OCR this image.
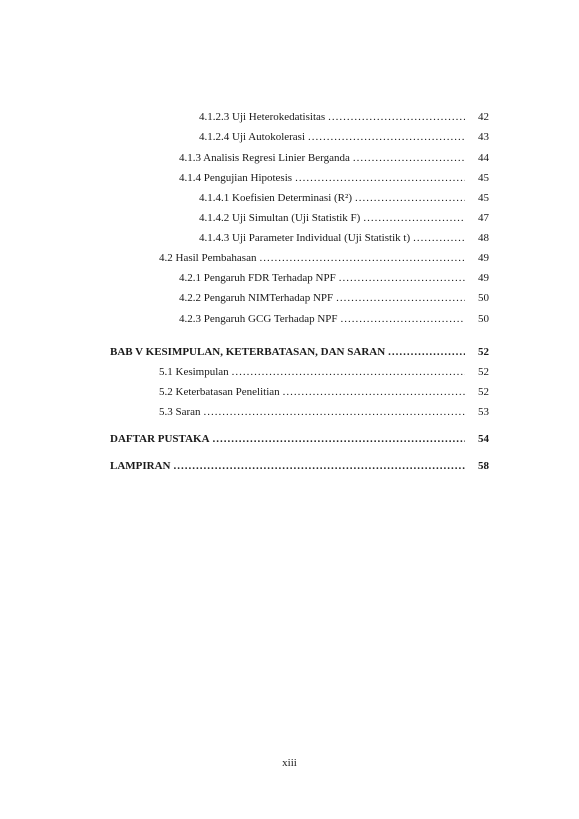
4.1.2.3 Uji Heterokedatisitas .....	42
4.1.2.4 Uji Autokolerasi .....	43
4.1.3 Analisis Regresi Linier Berganda .....	44
4.1.4 Pengujian Hipotesis .....	45
4.1.4.1 Koefisien Determinasi (R²) .....	45
4.1.4.2 Uji Simultan (Uji Statistik F) .....	47
4.1.4.3 Uji Parameter Individual (Uji Statistik t) .....	48
4.2 Hasil Pembahasan .....	49
4.2.1 Pengaruh FDR Terhadap NPF .....	49
4.2.2 Pengaruh NIMTerhadap NPF .....	50
4.2.3 Pengaruh GCG Terhadap NPF .....	50
BAB V KESIMPULAN, KETERBATASAN, DAN SARAN .....	52
5.1 Kesimpulan .....	52
5.2 Keterbatasan Penelitian .....	52
5.3 Saran .....	53
DAFTAR PUSTAKA .....	54
LAMPIRAN .....	58
xiii
